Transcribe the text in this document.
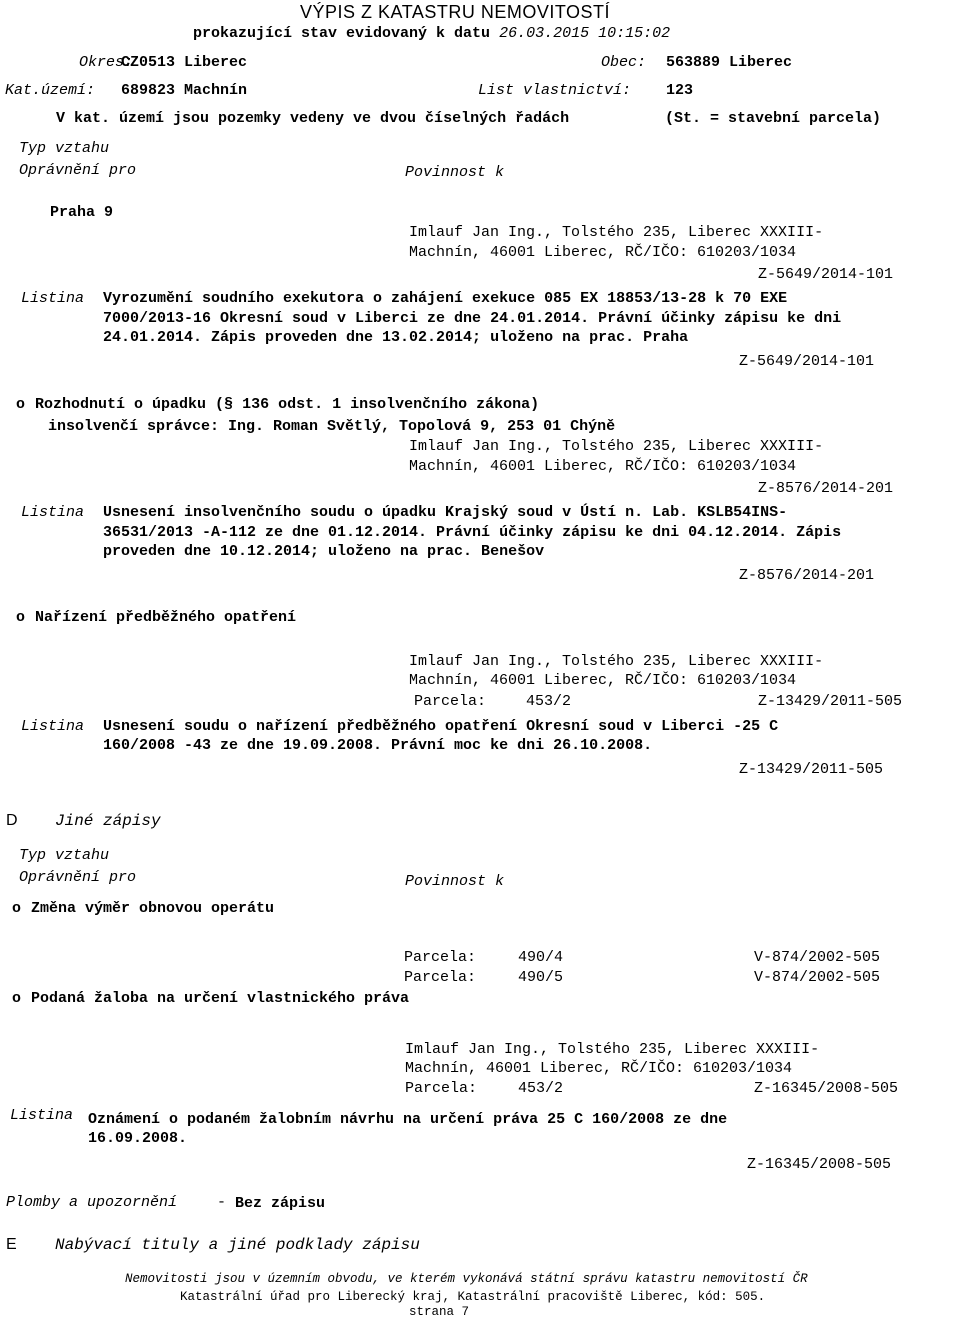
VÝPIS Z KATASTRU NEMOVITOSTÍ
prokazující stav evidovaný k datu 26.03.2015 10:15:02
Okres:
CZ0513 Liberec	Obec: 563889 Liberec
Kat.území: 689823 Machnín	List vlastnictví: 123
V kat. území jsou pozemky vedeny ve dvou číselných řadách	(St. = stavební parcela)
Typ vztahu
Oprávnění pro	Povinnost k
Praha 9
Imlauf Jan Ing., Tolstého 235, Liberec XXXIII-
Machnín, 46001 Liberec, RČ/IČO: 610203/1034
Z-5649/2014-101
Listina Vyrozumění soudního exekutora o zahájení exekuce 085 EX 18853/13-28 k 70 EXE
7000/2013-16 Okresní soud v Liberci ze dne 24.01.2014. Právní účinky zápisu ke dni
24.01.2014. Zápis proveden dne 13.02.2014; uloženo na prac. Praha
Z-5649/2014-101
o Rozhodnutí o úpadku (§ 136 odst. 1 insolvenčního zákona)
insolvenčí správce: Ing. Roman Světlý, Topolová 9, 253 01 Chýně
Imlauf Jan Ing., Tolstého 235, Liberec XXXIII-
Machnín, 46001 Liberec, RČ/IČO: 610203/1034
Z-8576/2014-201
Listina Usnesení insolvenčního soudu o úpadku Krajský soud v Ústí n. Lab. KSLB54INS-
36531/2013 -A-112 ze dne 01.12.2014. Právní účinky zápisu ke dni 04.12.2014. Zápis
proveden dne 10.12.2014; uloženo na prac. Benešov
Z-8576/2014-201
o Nařízení předběžného opatření
Imlauf Jan Ing., Tolstého 235, Liberec XXXIII-
Machnín, 46001 Liberec, RČ/IČO: 610203/1034
Parcela:	453/2	Z-13429/2011-505
Listina Usnesení soudu o nařízení předběžného opatření Okresní soud v Liberci -25 C
160/2008 -43 ze dne 19.09.2008. Právní moc ke dni 26.10.2008.
Z-13429/2011-505
D Jiné zápisy
Typ vztahu
Oprávnění pro	Povinnost k
o Změna výměr obnovou operátu
Parcela:	490/4	V-874/2002-505
Parcela:	490/5	V-874/2002-505
o Podaná žaloba na určení vlastnického práva
Imlauf Jan Ing., Tolstého 235, Liberec XXXIII-
Machnín, 46001 Liberec, RČ/IČO: 610203/1034
Parcela:	453/2	Z-16345/2008-505
Listina Oznámení o podaném žalobním návrhu na určení práva 25 C 160/2008 ze dne
16.09.2008.
Z-16345/2008-505
Plomby a upozornění	- Bez zápisu
E Nabývací tituly a jiné podklady zápisu
Nemovitosti jsou v územním obvodu, ve kterém vykonává státní správu katastru nemovitostí ČR
Katastrální úřad pro Liberecký kraj, Katastrální pracoviště Liberec, kód: 505.
strana 7
